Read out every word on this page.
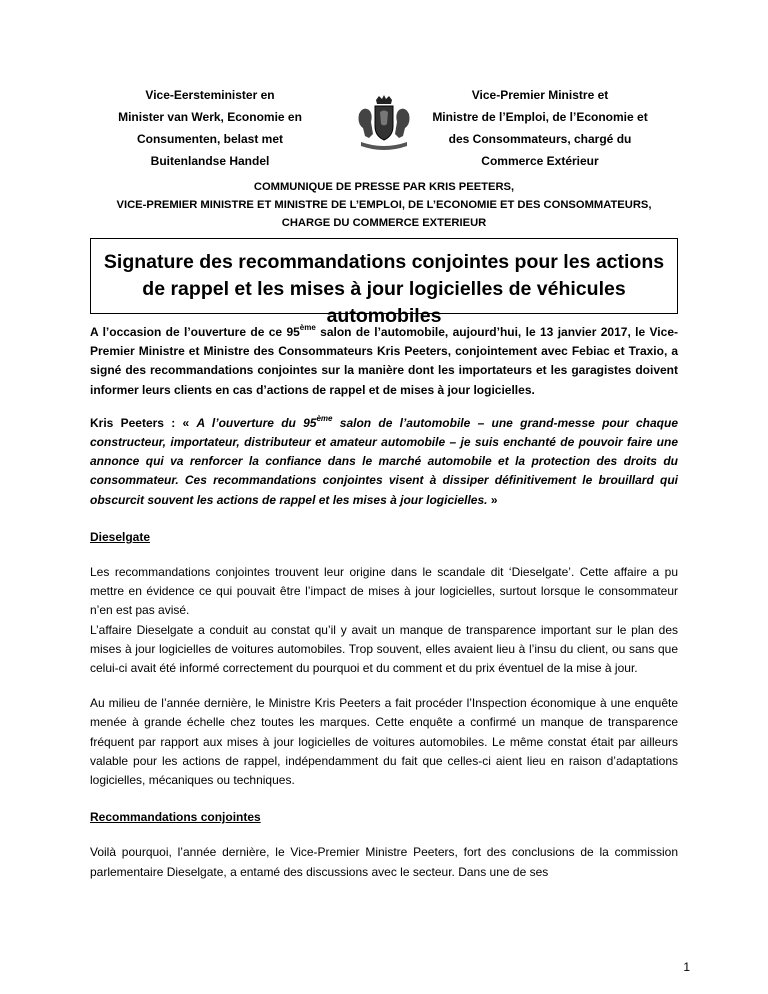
Vice-Eersteminister en
Minister van Werk, Economie en
Consumenten, belast met
Buitenlandse Handel
Vice-Premier Ministre et
Ministre de l’Emploi, de l’Economie et
des Consommateurs, chargé du
Commerce Extérieur
COMMUNIQUE DE PRESSE PAR KRIS PEETERS,
VICE-PREMIER MINISTRE ET MINISTRE DE L’EMPLOI, DE L’ECONOMIE ET DES CONSOMMATEURS,
CHARGE DU COMMERCE EXTERIEUR
Signature des recommandations conjointes pour les actions de rappel et les mises à jour logicielles de véhicules automobiles

A l’occasion de l’ouverture de ce 95ème salon de l’automobile, aujourd’hui, le 13 janvier 2017, le Vice-Premier Ministre et Ministre des Consommateurs Kris Peeters, conjointement avec Febiac et Traxio, a signé des recommandations conjointes sur la manière dont les importateurs et les garagistes doivent informer leurs clients en cas d’actions de rappel et de mises à jour logicielles.

Kris Peeters : « A l’ouverture du 95ème salon de l’automobile – une grand-messe pour chaque constructeur, importateur, distributeur et amateur automobile – je suis enchanté de pouvoir faire une annonce qui va renforcer la confiance dans le marché automobile et la protection des droits du consommateur. Ces recommandations conjointes visent à dissiper définitivement le brouillard qui obscurcit souvent les actions de rappel et les mises à jour logicielles. »

Dieselgate

Les recommandations conjointes trouvent leur origine dans le scandale dit ‘Dieselgate’. Cette affaire a pu mettre en évidence ce qui pouvait être l’impact de mises à jour logicielles, surtout lorsque le consommateur n’en est pas avisé.

L’affaire Dieselgate a conduit au constat qu’il y avait un manque de transparence important sur le plan des mises à jour logicielles de voitures automobiles. Trop souvent, elles avaient lieu à l’insu du client, ou sans que celui-ci avait été informé correctement du pourquoi et du comment et du prix éventuel de la mise à jour.

Au milieu de l’année dernière, le Ministre Kris Peeters a fait procéder l’Inspection économique à une enquête menée à grande échelle chez toutes les marques. Cette enquête a confirmé un manque de transparence fréquent par rapport aux mises à jour logicielles de voitures automobiles. Le même constat était par ailleurs valable pour les actions de rappel, indépendamment du fait que celles-ci aient lieu en raison d’adaptations logicielles, mécaniques ou techniques.

Recommandations conjointes

Voilà pourquoi, l’année dernière, le Vice-Premier Ministre Peeters, fort des conclusions de la commission parlementaire Dieselgate, a entamé des discussions avec le secteur. Dans une de ses

1
